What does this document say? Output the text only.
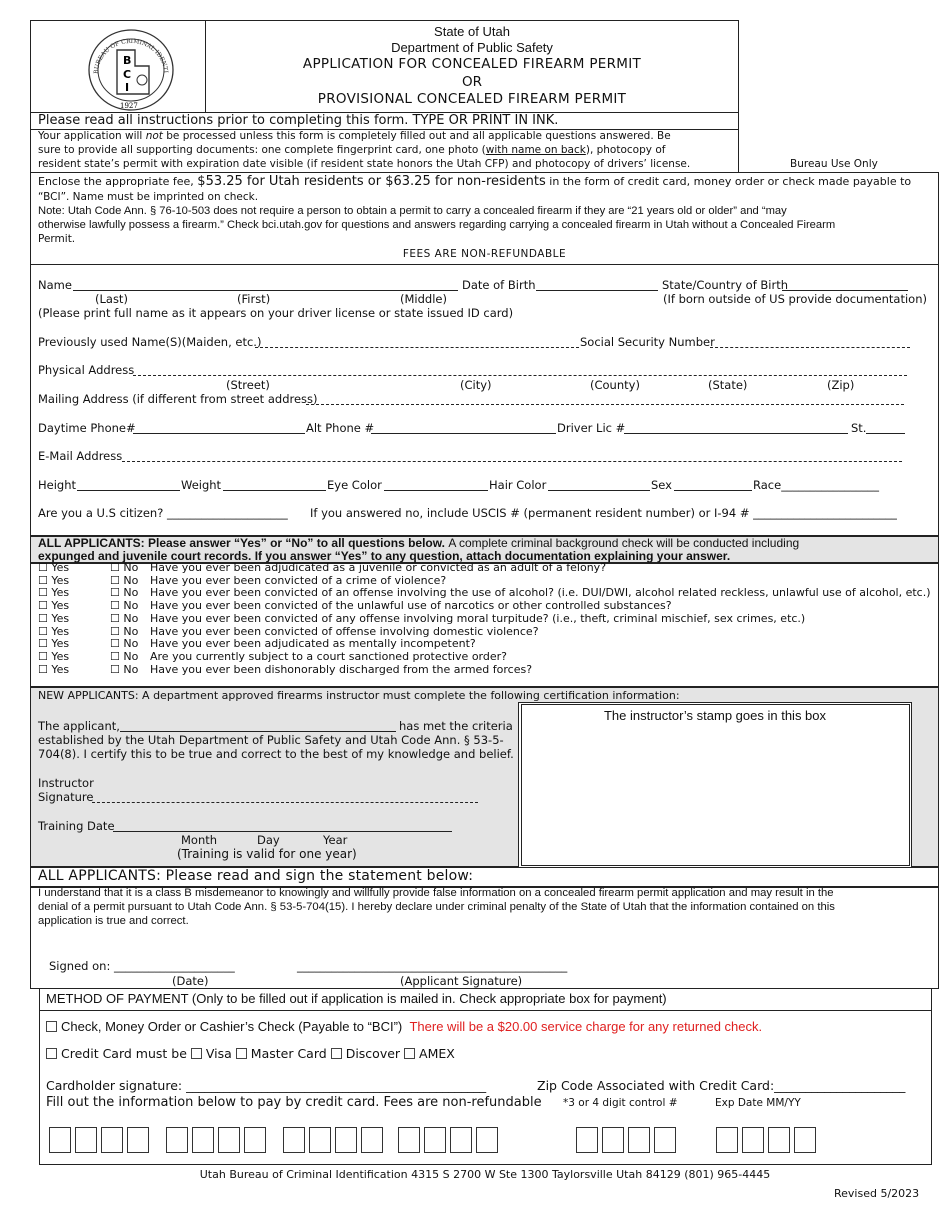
BUREAU OF CRIMINAL IDENTI
B
C
I
1927
State of Utah
Department of Public Safety
APPLICATION FOR CONCEALED FIREARM PERMIT
OR
PROVISIONAL CONCEALED FIREARM PERMIT
Please read all instructions prior to completing this form. TYPE OR PRINT IN INK.
Your application will not be processed unless this form is completely filled out and all applicable questions answered. Be
sure to provide all supporting documents: one complete fingerprint card, one photo (with name on back), photocopy of
resident state’s permit with expiration date visible (if resident state honors the Utah CFP) and photocopy of drivers’ license.	Bureau Use Only
Enclose the appropriate fee, $53.25 for Utah residents or $63.25 for non-residents in the form of credit card, money order or check made payable to
“BCI”. Name must be imprinted on check.
Note: Utah Code Ann. § 76-10-503 does not require a person to obtain a permit to carry a concealed firearm if they are “21 years old or older” and “may
otherwise lawfully possess a firearm.” Check bci.utah.gov for questions and answers regarding carrying a concealed firearm in Utah without a Concealed Firearm
Permit.
FEES ARE NON-REFUNDABLE
Name	Date of Birth	State/Country of Birth
(Last)	(First)	(Middle)	(If born outside of US provide documentation)
(Please print full name as it appears on your driver license or state issued ID card)
Previously used Name(S)(Maiden, etc.)	Social Security Number
Physical Address
(Street)	(City)	(County)	(State)	(Zip)
Mailing Address (if different from street address)
Daytime Phone#	Alt Phone #	Driver Lic #	St.
E-Mail Address
Height	Weight	Eye Color	Hair Color	Sex	Race_________________
Are you a U.S citizen? _____________________ If you answered no, include USCIS # (permanent resident number) or I-94 # _________________________
ALL APPLICANTS: Please answer “Yes” or “No” to all questions below. A complete criminal background check will be conducted including
expunged and juvenile court records. If you answer “Yes” to any question, attach documentation explaining your answer.
☐ Yes	☐ No Have you ever been adjudicated as a juvenile or convicted as an adult of a felony?
☐ Yes	☐ No Have you ever been convicted of a crime of violence?
☐ Yes	☐ No Have you ever been convicted of an offense involving the use of alcohol? (i.e. DUI/DWI, alcohol related reckless, unlawful use of alcohol, etc.)
☐ Yes	☐ No Have you ever been convicted of the unlawful use of narcotics or other controlled substances?
☐ Yes	☐ No Have you ever been convicted of any offense involving moral turpitude? (i.e., theft, criminal mischief, sex crimes, etc.)
☐ Yes	☐ No Have you ever been convicted of offense involving domestic violence?
☐ Yes	☐ No Have you ever been adjudicated as mentally incompetent?
☐ Yes	☐ No Are you currently subject to a court sanctioned protective order?
☐ Yes	☐ No Have you ever been dishonorably discharged from the armed forces?
NEW APPLICANTS: A department approved firearms instructor must complete the following certification information:
The applicant,	has met the criteria
established by the Utah Department of Public Safety and Utah Code Ann. § 53-5-
704(8). I certify this to be true and correct to the best of my knowledge and belief.
Instructor
Signature
Training Date
Month	Day	Year
(Training is valid for one year)
The instructor’s stamp goes in this box
ALL APPLICANTS: Please read and sign the statement below:
I understand that it is a class B misdemeanor to knowingly and willfully provide false information on a concealed firearm permit application and may result in the
denial of a permit pursuant to Utah Code Ann. § 53-5-704(15). I hereby declare under criminal penalty of the State of Utah that the information contained on this
application is true and correct.
Signed on: _____________________	_______________________________________________
(Date)	(Applicant Signature)
METHOD OF PAYMENT (Only to be filled out if application is mailed in. Check appropriate box for payment)
Check, Money Order or Cashier’s Check (Payable to “BCI”) There will be a $20.00 service charge for any returned check.
Credit Card must be Visa Master Card Discover AMEX
Cardholder signature: ________________________________________________	Zip Code Associated with Credit Card:_____________________
Fill out the information below to pay by credit card. Fees are non-refundable *3 or 4 digit control #	Exp Date MM/YY
Utah Bureau of Criminal Identification 4315 S 2700 W Ste 1300 Taylorsville Utah 84129 (801) 965-4445
Revised 5/2023
